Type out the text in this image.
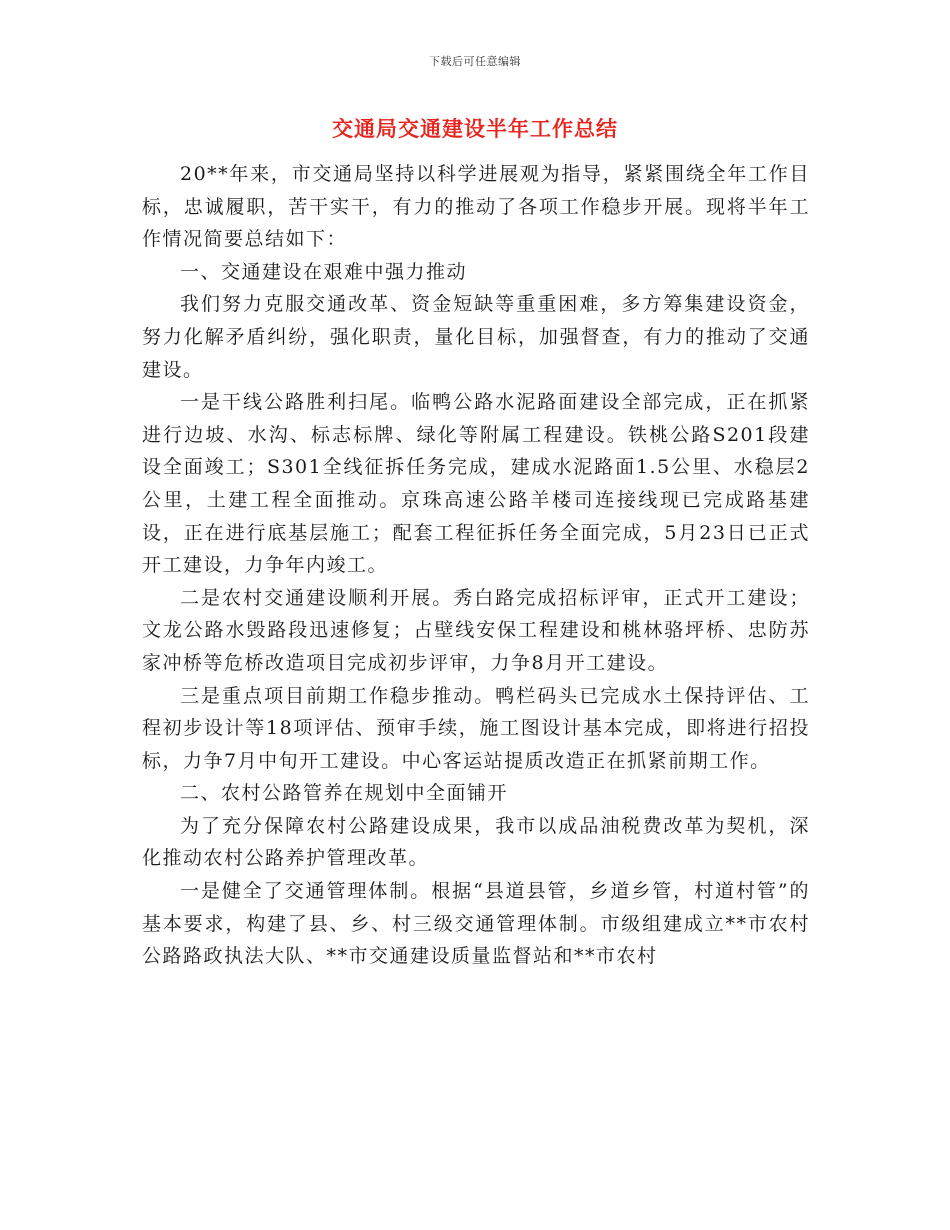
下载后可任意编辑
交通局交通建设半年工作总结

20**年来，市交通局坚持以科学进展观为指导，紧紧围绕全年工作目标，忠诚履职，苦干实干，有力的推动了各项工作稳步开展。现将半年工作情况简要总结如下：

一、交通建设在艰难中强力推动

我们努力克服交通改革、资金短缺等重重困难，多方筹集建设资金，努力化解矛盾纠纷，强化职责，量化目标，加强督查，有力的推动了交通建设。

一是干线公路胜利扫尾。临鸭公路水泥路面建设全部完成，正在抓紧进行边坡、水沟、标志标牌、绿化等附属工程建设。铁桃公路S201段建设全面竣工；S301全线征拆任务完成，建成水泥路面1.5公里、水稳层2公里，土建工程全面推动。京珠高速公路羊楼司连接线现已完成路基建设，正在进行底基层施工；配套工程征拆任务全面完成，5月23日已正式开工建设，力争年内竣工。

二是农村交通建设顺利开展。秀白路完成招标评审，正式开工建设；文龙公路水毁路段迅速修复；占壁线安保工程建设和桃林骆坪桥、忠防苏家冲桥等危桥改造项目完成初步评审，力争8月开工建设。

三是重点项目前期工作稳步推动。鸭栏码头已完成水土保持评估、工程初步设计等18项评估、预审手续，施工图设计基本完成，即将进行招投标，力争7月中旬开工建设。中心客运站提质改造正在抓紧前期工作。

二、农村公路管养在规划中全面铺开

为了充分保障农村公路建设成果，我市以成品油税费改革为契机，深化推动农村公路养护管理改革。

一是健全了交通管理体制。根据“县道县管，乡道乡管，村道村管”的基本要求，构建了县、乡、村三级交通管理体制。市级组建成立**市农村公路路政执法大队、**市交通建设质量监督站和**市农村
